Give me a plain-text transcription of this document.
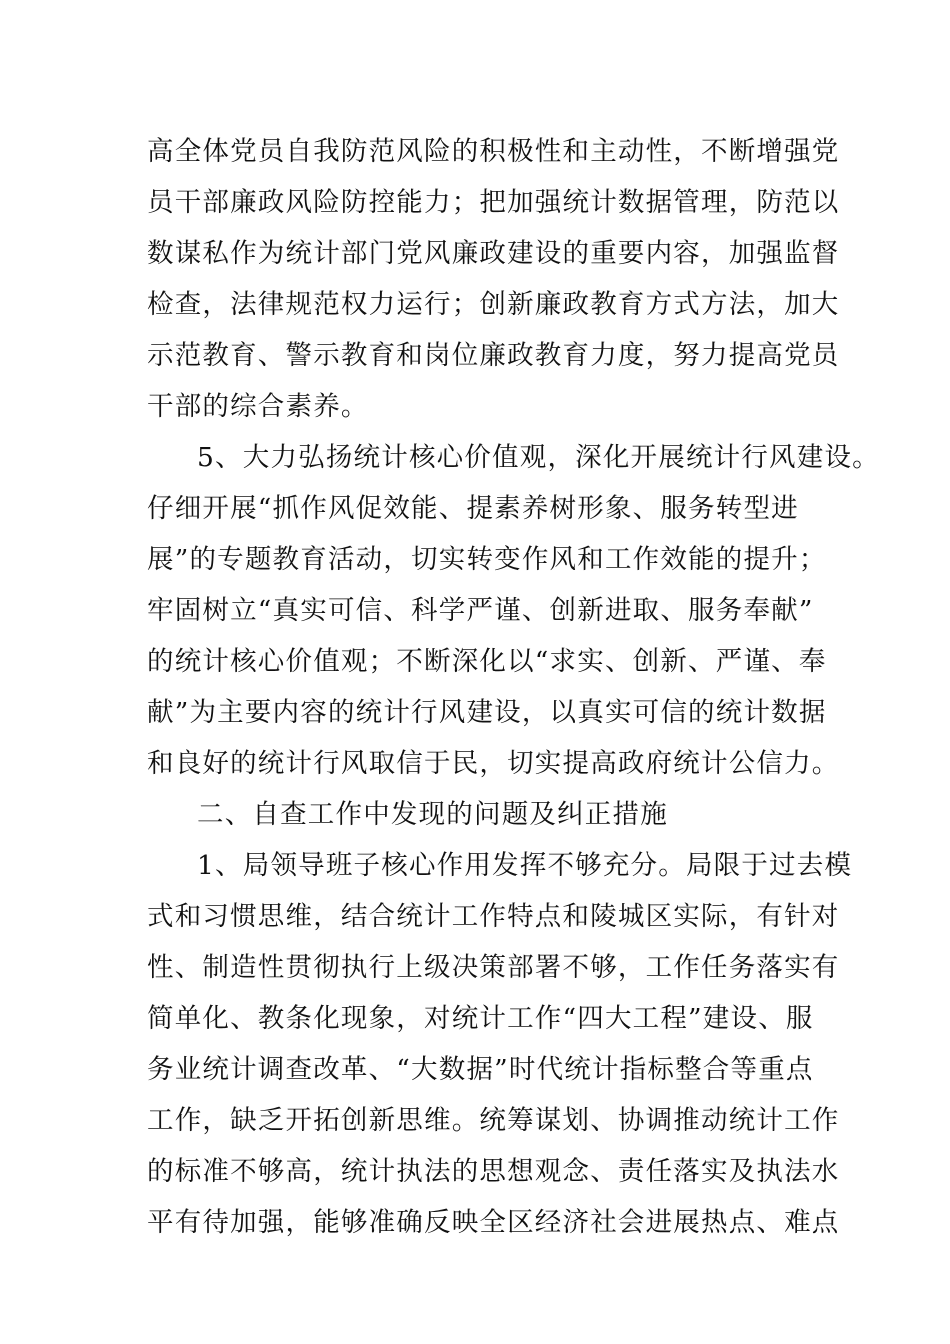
高全体党员自我防范风险的积极性和主动性，不断增强党

员干部廉政风险防控能力；把加强统计数据管理，防范以

数谋私作为统计部门党风廉政建设的重要内容，加强监督

检查，法律规范权力运行；创新廉政教育方式方法，加大

示范教育、警示教育和岗位廉政教育力度，努力提高党员

干部的综合素养。

5、大力弘扬统计核心价值观，深化开展统计行风建设。

仔细开展“抓作风促效能、提素养树形象、服务转型进

展”的专题教育活动，切实转变作风和工作效能的提升；

牢固树立“真实可信、科学严谨、创新进取、服务奉献”

的统计核心价值观；不断深化以“求实、创新、严谨、奉

献”为主要内容的统计行风建设，以真实可信的统计数据

和良好的统计行风取信于民，切实提高政府统计公信力。

二、自查工作中发现的问题及纠正措施

1、局领导班子核心作用发挥不够充分。局限于过去模

式和习惯思维，结合统计工作特点和陵城区实际，有针对

性、制造性贯彻执行上级决策部署不够，工作任务落实有

简单化、教条化现象，对统计工作“四大工程”建设、服

务业统计调查改革、“大数据”时代统计指标整合等重点

工作，缺乏开拓创新思维。统筹谋划、协调推动统计工作

的标准不够高，统计执法的思想观念、责任落实及执法水

平有待加强，能够准确反映全区经济社会进展热点、难点
